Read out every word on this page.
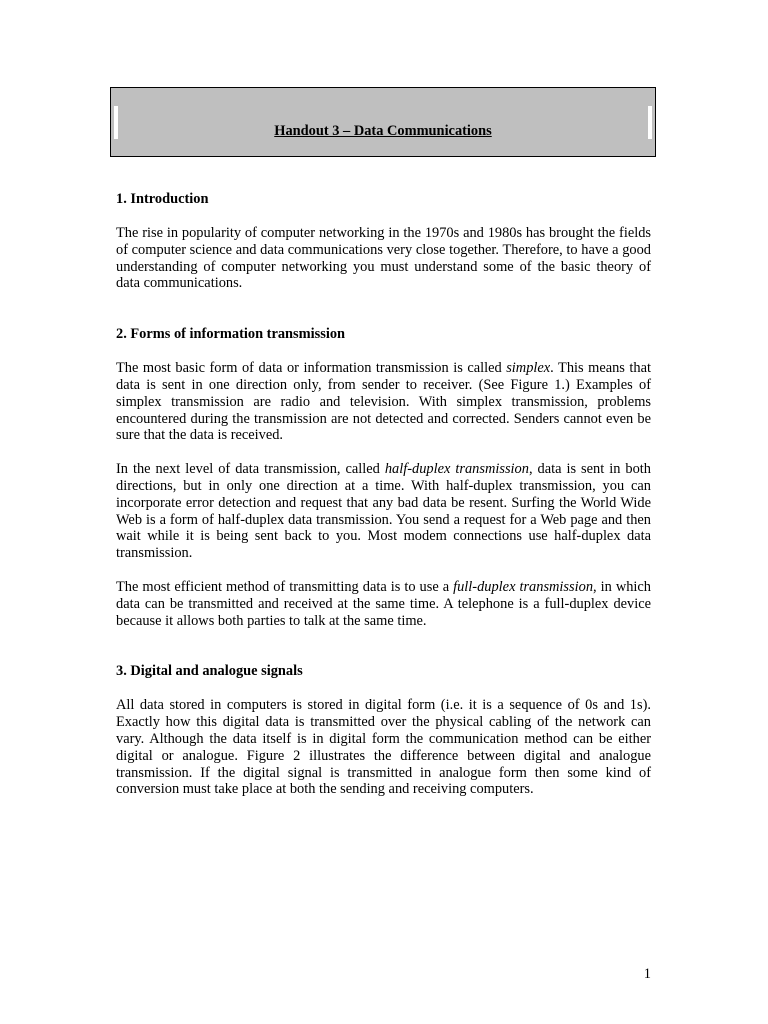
Handout 3 – Data Communications
1. Introduction

The rise in popularity of computer networking in the 1970s and 1980s has brought the fields of computer science and data communications very close together. Therefore, to have a good understanding of computer networking you must understand some of the basic theory of data communications.

2. Forms of information transmission

The most basic form of data or information transmission is called simplex. This means that data is sent in one direction only, from sender to receiver. (See Figure 1.) Examples of simplex transmission are radio and television. With simplex transmission, problems encountered during the transmission are not detected and corrected. Senders cannot even be sure that the data is received.

In the next level of data transmission, called half-duplex transmission, data is sent in both directions, but in only one direction at a time. With half-duplex transmission, you can incorporate error detection and request that any bad data be resent. Surfing the World Wide Web is a form of half-duplex data transmission. You send a request for a Web page and then wait while it is being sent back to you. Most modem connections use half-duplex data transmission.

The most efficient method of transmitting data is to use a full-duplex transmission, in which data can be transmitted and received at the same time. A telephone is a full-duplex device because it allows both parties to talk at the same time.

3. Digital and analogue signals

All data stored in computers is stored in digital form (i.e. it is a sequence of 0s and 1s). Exactly how this digital data is transmitted over the physical cabling of the network can vary. Although the data itself is in digital form the communication method can be either digital or analogue. Figure 2 illustrates the difference between digital and analogue transmission. If the digital signal is transmitted in analogue form then some kind of conversion must take place at both the sending and receiving computers.

1
